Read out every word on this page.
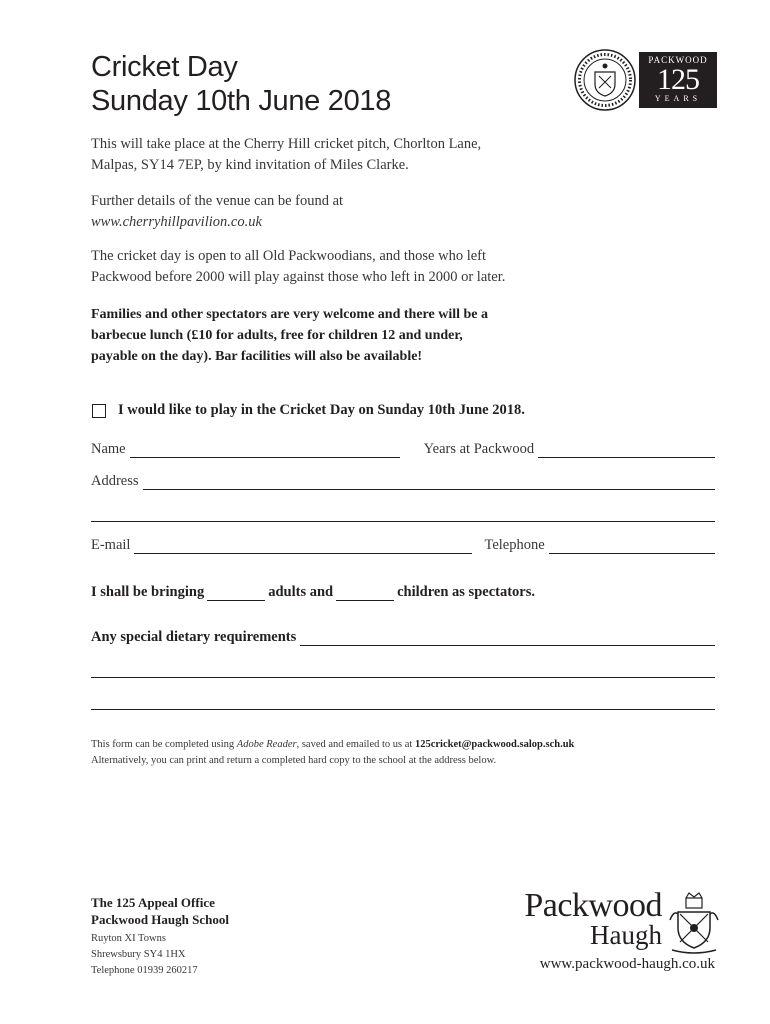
Cricket Day
Sunday 10th June 2018
PACKWOOD
125
YEARS
This will take place at the Cherry Hill cricket pitch, Chorlton Lane,
Malpas, SY14 7EP, by kind invitation of Miles Clarke.
Further details of the venue can be found at
www.cherryhillpavilion.co.uk
The cricket day is open to all Old Packwoodians, and those who left
Packwood before 2000 will play against those who left in 2000 or later.
Families and other spectators are very welcome and there will be a
barbecue lunch (£10 for adults, free for children 12 and under,
payable on the day). Bar facilities will also be available!
I would like to play in the Cricket Day on Sunday 10th June 2018.
Name	Years at Packwood
Address
E-mail	Telephone
I shall be bringing	adults and	children as spectators.
Any special dietary requirements
This form can be completed using Adobe Reader, saved and emailed to us at 125cricket@packwood.salop.sch.uk
Alternatively, you can print and return a completed hard copy to the school at the address below.
The 125 Appeal Office
Packwood Haugh School
Ruyton XI Towns
Shrewsbury SY4 1HX
Telephone 01939 260217
Packwood
Haugh
www.packwood-haugh.co.uk
